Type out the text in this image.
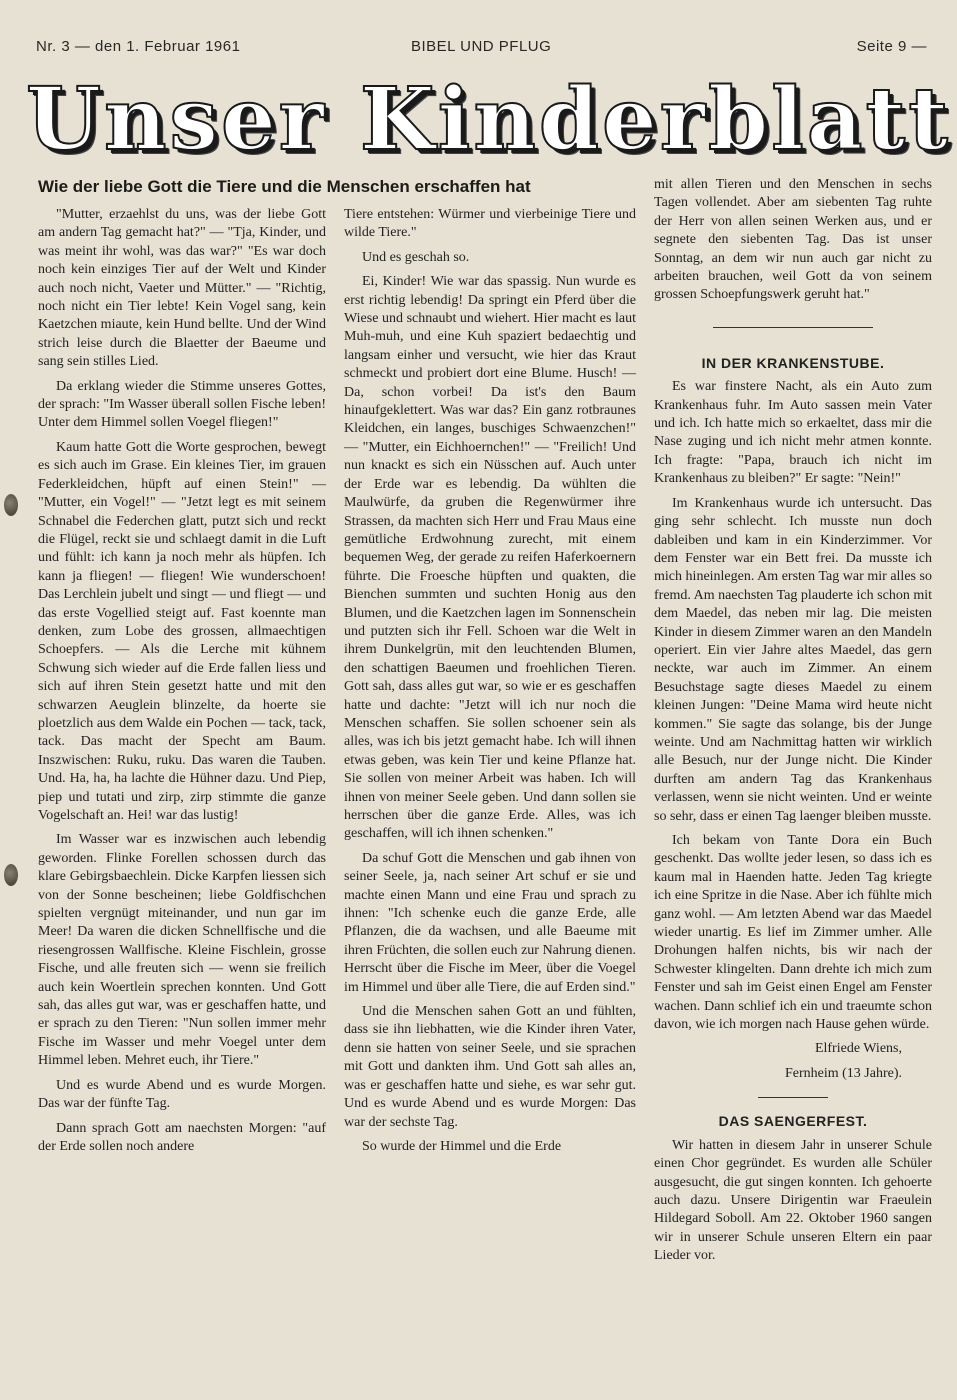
Nr. 3 — den 1. Februar 1961	BIBEL UND PFLUG	Seite 9 —
Unser Kinderblatt
Wie der liebe Gott die Tiere und die Menschen erschaffen hat

"Mutter, erzaehlst du uns, was der liebe Gott am andern Tag gemacht hat?" — "Tja, Kinder, und was meint ihr wohl, was das war?" "Es war doch noch kein einziges Tier auf der Welt und Kinder auch noch nicht, Vaeter und Mütter." — "Richtig, noch nicht ein Tier lebte! Kein Vogel sang, kein Kaetzchen miaute, kein Hund bellte. Und der Wind strich leise durch die Blaetter der Baeume und sang sein stilles Lied.

Da erklang wieder die Stimme unseres Gottes, der sprach: "Im Wasser überall sollen Fische leben! Unter dem Himmel sollen Voegel fliegen!"

Kaum hatte Gott die Worte gesprochen, bewegt es sich auch im Grase. Ein kleines Tier, im grauen Federkleidchen, hüpft auf einen Stein!" — "Mutter, ein Vogel!" — "Jetzt legt es mit seinem Schnabel die Federchen glatt, putzt sich und reckt die Flügel, reckt sie und schlaegt damit in die Luft und fühlt: ich kann ja noch mehr als hüpfen. Ich kann ja fliegen! — fliegen! Wie wunderschoen! Das Lerchlein jubelt und singt — und fliegt — und das erste Vogellied steigt auf. Fast koennte man denken, zum Lobe des grossen, allmaechtigen Schoepfers. — Als die Lerche mit kühnem Schwung sich wieder auf die Erde fallen liess und sich auf ihren Stein gesetzt hatte und mit den schwarzen Aeuglein blinzelte, da hoerte sie ploetzlich aus dem Walde ein Pochen — tack, tack, tack. Das macht der Specht am Baum. Inszwischen: Ruku, ruku. Das waren die Tauben. Und. Ha, ha, ha lachte die Hühner dazu. Und Piep, piep und tutati und zirp, zirp stimmte die ganze Vogelschaft an. Hei! war das lustig!

Im Wasser war es inzwischen auch lebendig geworden. Flinke Forellen schossen durch das klare Gebirgsbaechlein. Dicke Karpfen liessen sich von der Sonne bescheinen; liebe Goldfischchen spielten vergnügt miteinander, und nun gar im Meer! Da waren die dicken Schnellfische und die riesengrossen Wallfische. Kleine Fischlein, grosse Fische, und alle freuten sich — wenn sie freilich auch kein Woertlein sprechen konnten. Und Gott sah, das alles gut war, was er geschaffen hatte, und er sprach zu den Tieren: "Nun sollen immer mehr Fische im Wasser und mehr Voegel unter dem Himmel leben. Mehret euch, ihr Tiere."

Und es wurde Abend und es wurde Morgen. Das war der fünfte Tag.

Dann sprach Gott am naechsten Morgen: "auf der Erde sollen noch andere

Tiere entstehen: Würmer und vierbeinige Tiere und wilde Tiere."

Und es geschah so.

Ei, Kinder! Wie war das spassig. Nun wurde es erst richtig lebendig! Da springt ein Pferd über die Wiese und schnaubt und wiehert. Hier macht es laut Muh-muh, und eine Kuh spaziert bedaechtig und langsam einher und versucht, wie hier das Kraut schmeckt und probiert dort eine Blume. Husch! — Da, schon vorbei! Da ist's den Baum hinaufgeklettert. Was war das? Ein ganz rotbraunes Kleidchen, ein langes, buschiges Schwaenzchen!" — "Mutter, ein Eichhoernchen!" — "Freilich! Und nun knackt es sich ein Nüsschen auf. Auch unter der Erde war es lebendig. Da wühlten die Maulwürfe, da gruben die Regenwürmer ihre Strassen, da machten sich Herr und Frau Maus eine gemütliche Erdwohnung zurecht, mit einem bequemen Weg, der gerade zu reifen Haferkoernern führte. Die Froesche hüpften und quakten, die Bienchen summten und suchten Honig aus den Blumen, und die Kaetzchen lagen im Sonnenschein und putzten sich ihr Fell. Schoen war die Welt in ihrem Dunkelgrün, mit den leuchtenden Blumen, den schattigen Baeumen und froehlichen Tieren. Gott sah, dass alles gut war, so wie er es geschaffen hatte und dachte: "Jetzt will ich nur noch die Menschen schaffen. Sie sollen schoener sein als alles, was ich bis jetzt gemacht habe. Ich will ihnen etwas geben, was kein Tier und keine Pflanze hat. Sie sollen von meiner Arbeit was haben. Ich will ihnen von meiner Seele geben. Und dann sollen sie herrschen über die ganze Erde. Alles, was ich geschaffen, will ich ihnen schenken."

Da schuf Gott die Menschen und gab ihnen von seiner Seele, ja, nach seiner Art schuf er sie und machte einen Mann und eine Frau und sprach zu ihnen: "Ich schenke euch die ganze Erde, alle Pflanzen, die da wachsen, und alle Baeume mit ihren Früchten, die sollen euch zur Nahrung dienen. Herrscht über die Fische im Meer, über die Voegel im Himmel und über alle Tiere, die auf Erden sind."

Und die Menschen sahen Gott an und fühlten, dass sie ihn liebhatten, wie die Kinder ihren Vater, denn sie hatten von seiner Seele, und sie sprachen mit Gott und dankten ihm. Und Gott sah alles an, was er geschaffen hatte und siehe, es war sehr gut. Und es wurde Abend und es wurde Morgen: Das war der sechste Tag.

So wurde der Himmel und die Erde

mit allen Tieren und den Menschen in sechs Tagen vollendet. Aber am siebenten Tag ruhte der Herr von allen seinen Werken aus, und er segnete den siebenten Tag. Das ist unser Sonntag, an dem wir nun auch gar nicht zu arbeiten brauchen, weil Gott da von seinem grossen Schoepfungswerk geruht hat."

IN DER KRANKENSTUBE.

Es war finstere Nacht, als ein Auto zum Krankenhaus fuhr. Im Auto sassen mein Vater und ich. Ich hatte mich so erkaeltet, dass mir die Nase zuging und ich nicht mehr atmen konnte. Ich fragte: "Papa, brauch ich nicht im Krankenhaus zu bleiben?" Er sagte: "Nein!"

Im Krankenhaus wurde ich untersucht. Das ging sehr schlecht. Ich musste nun doch dableiben und kam in ein Kinderzimmer. Vor dem Fenster war ein Bett frei. Da musste ich mich hineinlegen. Am ersten Tag war mir alles so fremd. Am naechsten Tag plauderte ich schon mit dem Maedel, das neben mir lag. Die meisten Kinder in diesem Zimmer waren an den Mandeln operiert. Ein vier Jahre altes Maedel, das gern neckte, war auch im Zimmer. An einem Besuchstage sagte dieses Maedel zu einem kleinen Jungen: "Deine Mama wird heute nicht kommen." Sie sagte das solange, bis der Junge weinte. Und am Nachmittag hatten wir wirklich alle Besuch, nur der Junge nicht. Die Kinder durften am andern Tag das Krankenhaus verlassen, wenn sie nicht weinten. Und er weinte so sehr, dass er einen Tag laenger bleiben musste.

Ich bekam von Tante Dora ein Buch geschenkt. Das wollte jeder lesen, so dass ich es kaum mal in Haenden hatte. Jeden Tag kriegte ich eine Spritze in die Nase. Aber ich fühlte mich ganz wohl. — Am letzten Abend war das Maedel wieder unartig. Es lief im Zimmer umher. Alle Drohungen halfen nichts, bis wir nach der Schwester klingelten. Dann drehte ich mich zum Fenster und sah im Geist einen Engel am Fenster wachen. Dann schlief ich ein und traeumte schon davon, wie ich morgen nach Hause gehen würde.

Elfriede Wiens,

Fernheim (13 Jahre).

DAS SAENGERFEST.

Wir hatten in diesem Jahr in unserer Schule einen Chor gegründet. Es wurden alle Schüler ausgesucht, die gut singen konnten. Ich gehoerte auch dazu. Unsere Dirigentin war Fraeulein Hildegard Soboll. Am 22. Oktober 1960 sangen wir in unserer Schule unseren Eltern ein paar Lieder vor.
